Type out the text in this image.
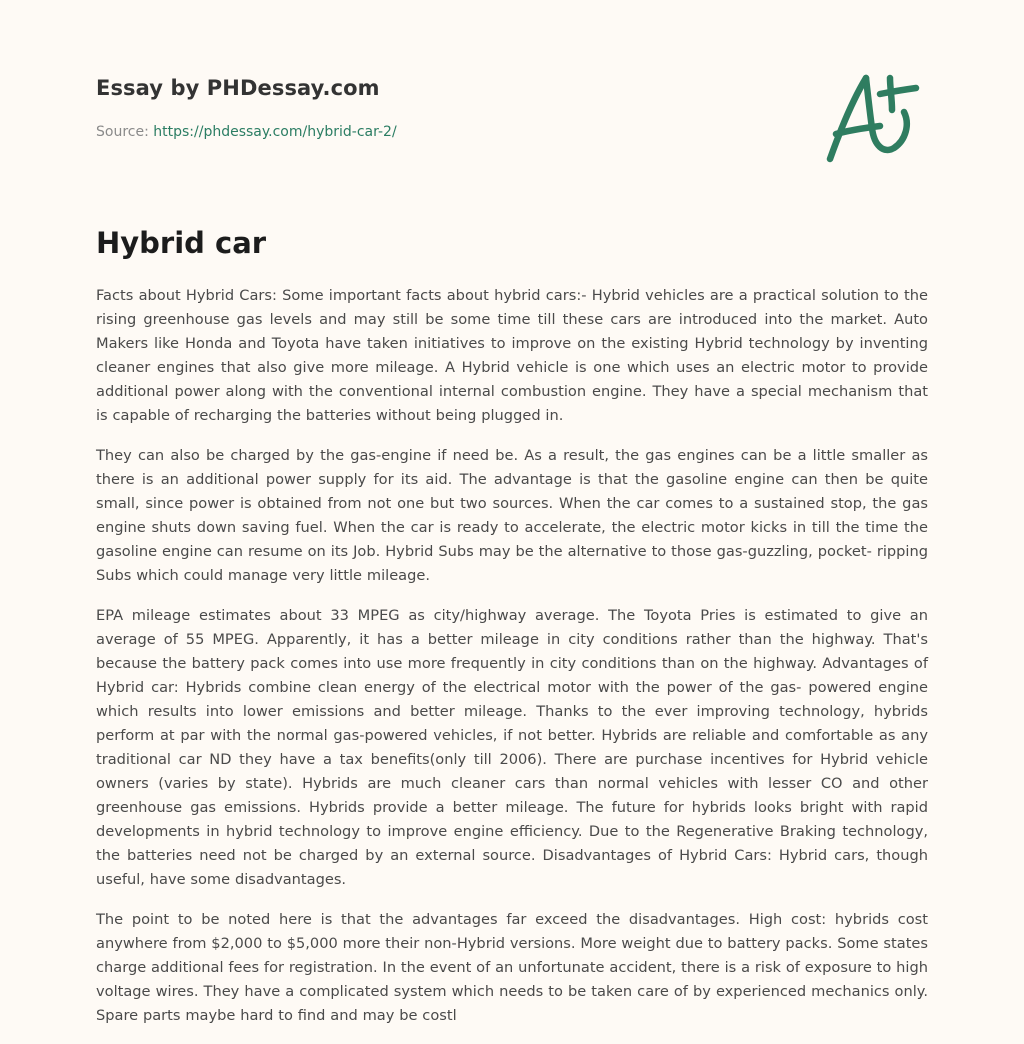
Essay by PHDessay.com
Source: https://phdessay.com/hybrid-car-2/
Hybrid car

Facts about Hybrid Cars: Some important facts about hybrid cars:- Hybrid vehicles are a practical solution to the rising greenhouse gas levels and may still be some time till these cars are introduced into the market. Auto Makers like Honda and Toyota have taken initiatives to improve on the existing Hybrid technology by inventing cleaner engines that also give more mileage. A Hybrid vehicle is one which uses an electric motor to provide additional power along with the conventional internal combustion engine. They have a special mechanism that is capable of recharging the batteries without being plugged in.

They can also be charged by the gas-engine if need be. As a result, the gas engines can be a little smaller as there is an additional power supply for its aid. The advantage is that the gasoline engine can then be quite small, since power is obtained from not one but two sources. When the car comes to a sustained stop, the gas engine shuts down saving fuel. When the car is ready to accelerate, the electric motor kicks in till the time the gasoline engine can resume on its Job. Hybrid Subs may be the alternative to those gas-guzzling, pocket- ripping Subs which could manage very little mileage.

EPA mileage estimates about 33 MPEG as city/highway average. The Toyota Pries is estimated to give an average of 55 MPEG. Apparently, it has a better mileage in city conditions rather than the highway. That's because the battery pack comes into use more frequently in city conditions than on the highway. Advantages of Hybrid car: Hybrids combine clean energy of the electrical motor with the power of the gas- powered engine which results into lower emissions and better mileage. Thanks to the ever improving technology, hybrids perform at par with the normal gas-powered vehicles, if not better. Hybrids are reliable and comfortable as any traditional car ND they have a tax benefits(only till 2006). There are purchase incentives for Hybrid vehicle owners (varies by state). Hybrids are much cleaner cars than normal vehicles with lesser CO and other greenhouse gas emissions. Hybrids provide a better mileage. The future for hybrids looks bright with rapid developments in hybrid technology to improve engine efficiency. Due to the Regenerative Braking technology, the batteries need not be charged by an external source. Disadvantages of Hybrid Cars: Hybrid cars, though useful, have some disadvantages.

The point to be noted here is that the advantages far exceed the disadvantages. High cost: hybrids cost anywhere from $2,000 to $5,000 more their non-Hybrid versions. More weight due to battery packs. Some states charge additional fees for registration. In the event of an unfortunate accident, there is a risk of exposure to high voltage wires. They have a complicated system which needs to be taken care of by experienced mechanics only. Spare parts maybe hard to find and may be costl
